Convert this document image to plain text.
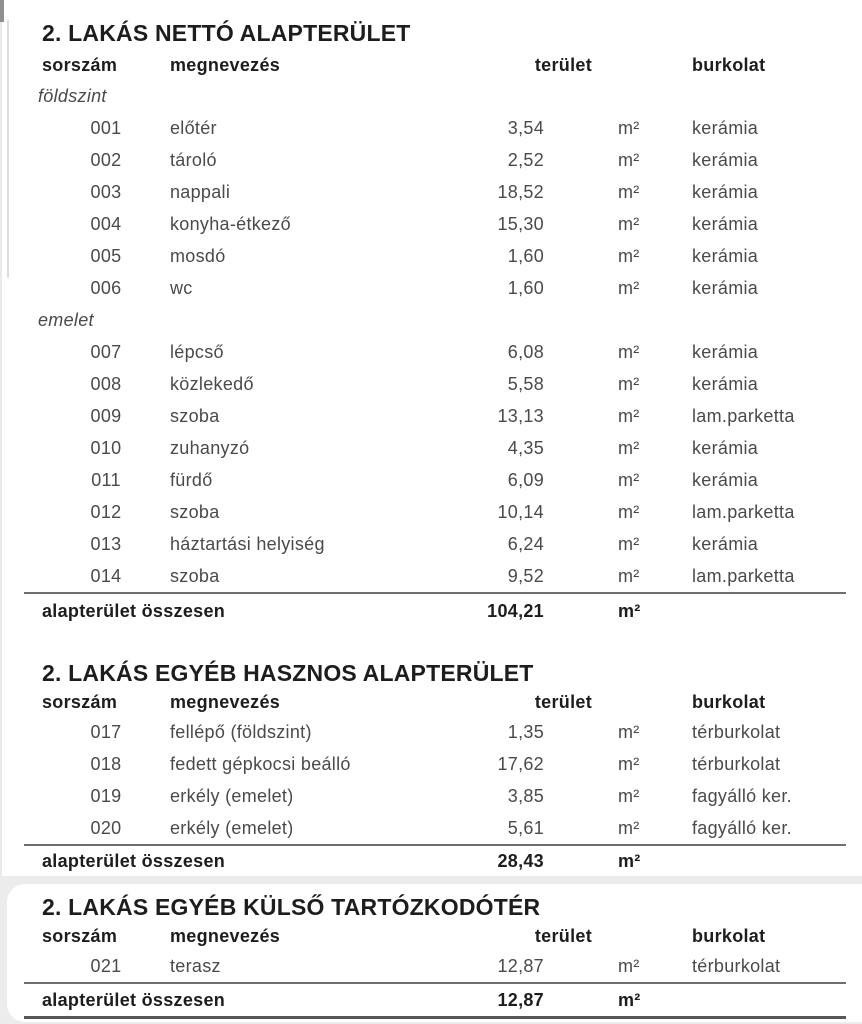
2. LAKÁS NETTÓ ALAPTERÜLET
sorszám	megnevezés	terület	burkolat
földszint
001	előtér	3,54	m²	kerámia
002	tároló	2,52	m²	kerámia
003	nappali	18,52	m²	kerámia
004	konyha-étkező	15,30	m²	kerámia
005	mosdó	1,60	m²	kerámia
006	wc	1,60	m²	kerámia
emelet
007	lépcső	6,08	m²	kerámia
008	közlekedő	5,58	m²	kerámia
009	szoba	13,13	m²	lam.parketta
010	zuhanyzó	4,35	m²	kerámia
011	fürdő	6,09	m²	kerámia
012	szoba	10,14	m²	lam.parketta
013	háztartási helyiség	6,24	m²	kerámia
014	szoba	9,52	m²	lam.parketta
alapterület összesen	104,21	m²
2. LAKÁS EGYÉB HASZNOS ALAPTERÜLET
sorszám	megnevezés	terület	burkolat
017	fellépő (földszint)	1,35	m²	térburkolat
018	fedett gépkocsi beálló	17,62	m²	térburkolat
019	erkély (emelet)	3,85	m²	fagyálló ker.
020	erkély (emelet)	5,61	m²	fagyálló ker.
alapterület összesen	28,43	m²
2. LAKÁS EGYÉB KÜLSŐ TARTÓZKODÓTÉR
sorszám	megnevezés	terület	burkolat
021	terasz	12,87	m²	térburkolat
alapterület összesen	12,87	m²
